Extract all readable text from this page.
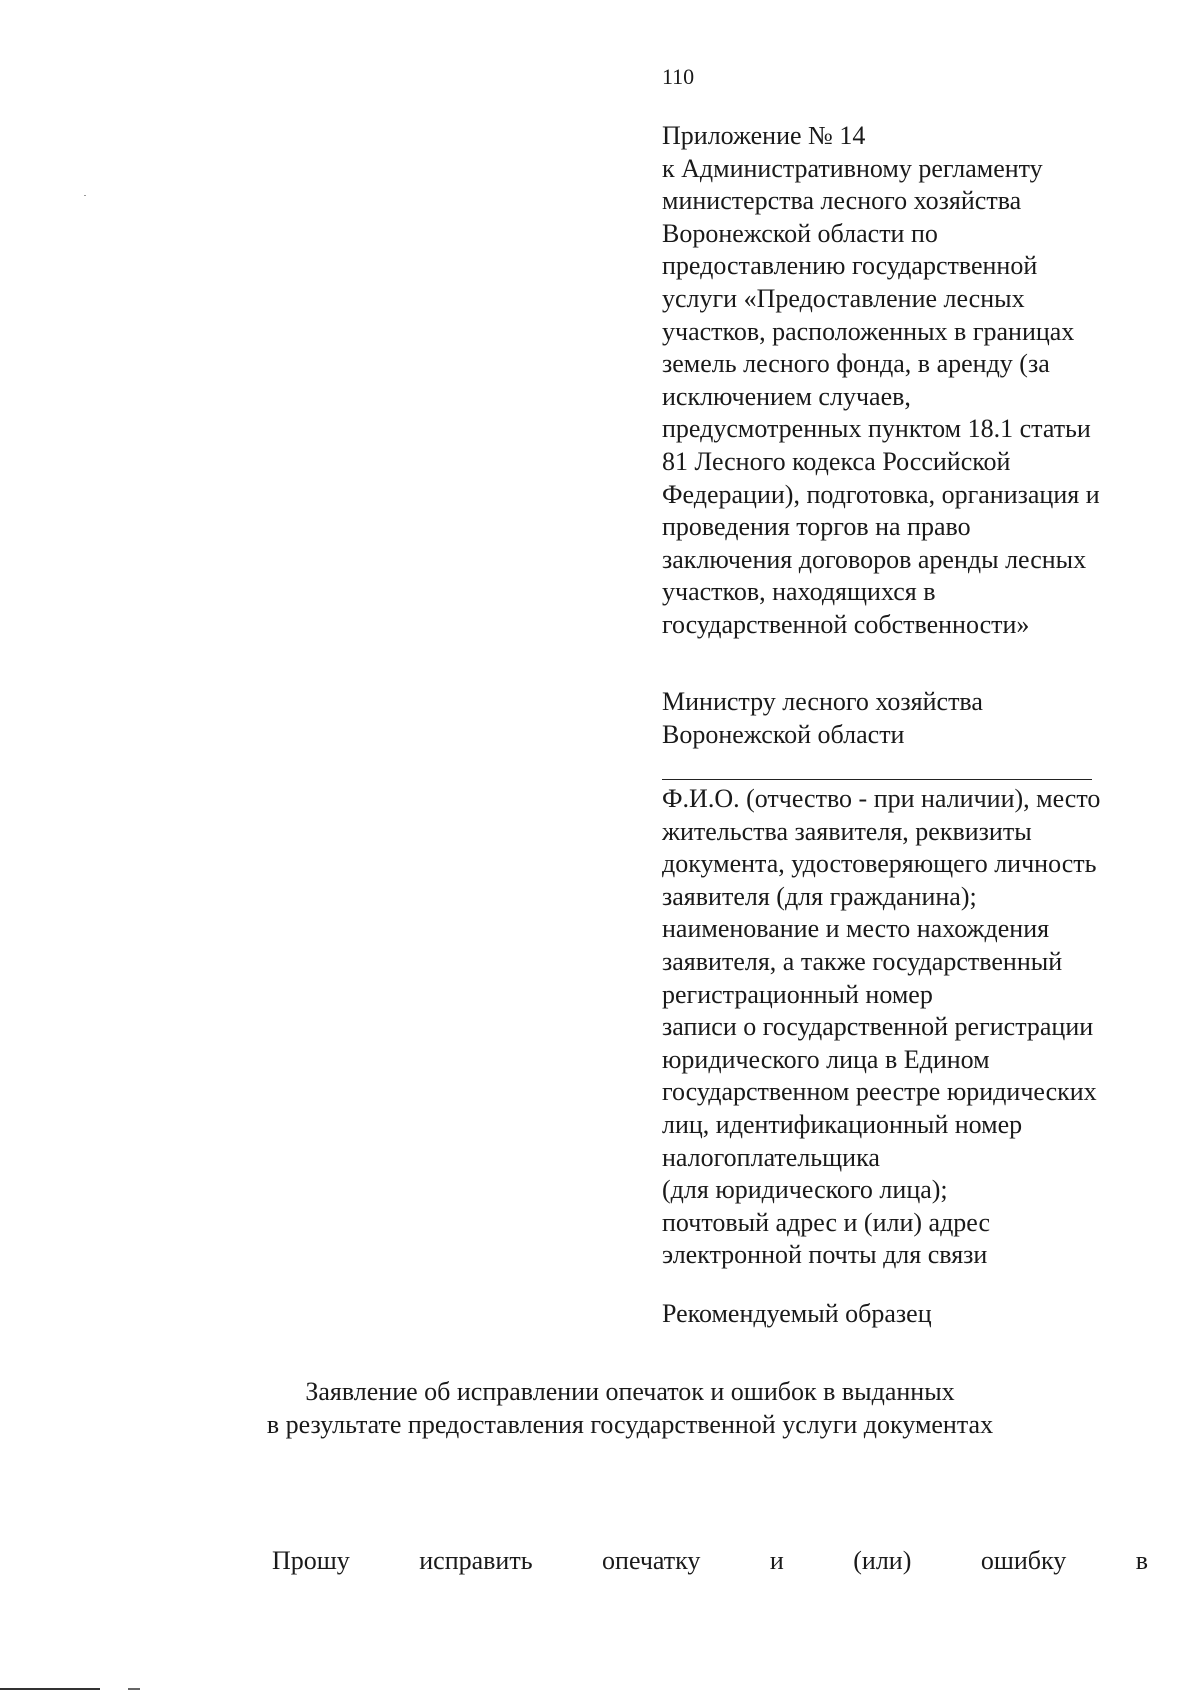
110
Приложение № 14
к Административному регламенту
министерства лесного хозяйства
Воронежской области по
предоставлению государственной
услуги «Предоставление лесных
участков, расположенных в границах
земель лесного фонда, в аренду (за
исключением случаев,
предусмотренных пунктом 18.1 статьи
81 Лесного кодекса Российской
Федерации), подготовка, организация и
проведения торгов на право
заключения договоров аренды лесных
участков, находящихся в
государственной собственности»
Министру лесного хозяйства
Воронежской области
Ф.И.О. (отчество - при наличии), место
жительства заявителя, реквизиты
документа, удостоверяющего личность
заявителя (для гражданина);
наименование и место нахождения
заявителя, а также государственный
регистрационный номер
записи о государственной регистрации
юридического лица в Едином
государственном реестре юридических
лиц, идентификационный номер
налогоплательщика
(для юридического лица);
почтовый адрес и (или) адрес
электронной почты для связи
Рекомендуемый образец
Заявление об исправлении опечаток и ошибок в выданных
в результате предоставления государственной услуги документах
Прошу	исправить	опечатку	и	(или)	ошибку	в
